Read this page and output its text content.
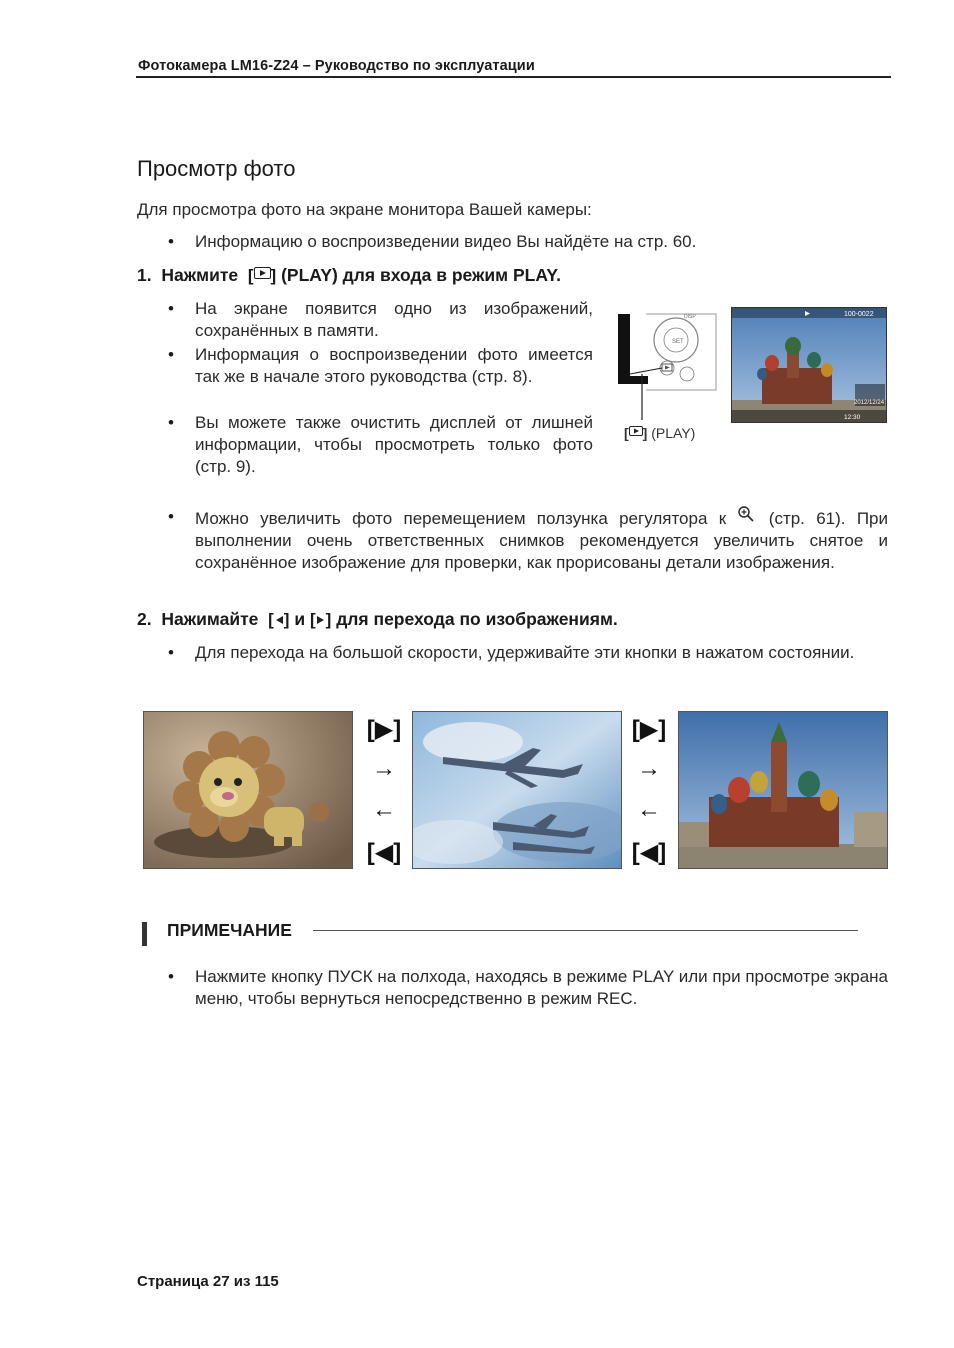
Фотокамера LM16-Z24 – Руководство по эксплуатации
Просмотр фото
Для просмотра фото на экране монитора Вашей камеры:
• Информацию о воспроизведении видео Вы найдёте на стр. 60.
1. Нажмите [ ] (PLAY) для входа в режим PLAY.
• На экране появится одно из изображений, сохранённых в памяти.
• Информация о воспроизведении фото имеется так же в начале этого руководства (стр. 8).
• Вы можете также очистить дисплей от лишней информации, чтобы просмотреть только фото (стр. 9).
SET
DISP
[ ] (PLAY)
100-0022
12:30
2012/12/24
• Можно увеличить фото перемещением ползунка регулятора к	(стр. 61). При выполнении очень ответственных снимков рекомендуется увеличить снятое и сохранённое изображение для проверки, как прорисованы детали изображения.
2. Нажимайте [ ] и [ ] для перехода по изображениям.
• Для перехода на большой скорости, удерживайте эти кнопки в нажатом состоянии.
[▶]
→
←
[◀]
[▶]
→
←
[◀]
ПРИМЕЧАНИЕ
• Нажмите кнопку ПУСК на полхода, находясь в режиме PLAY или при просмотре экрана меню, чтобы вернуться непосредственно в режим REC.
Страница 27 из 115
